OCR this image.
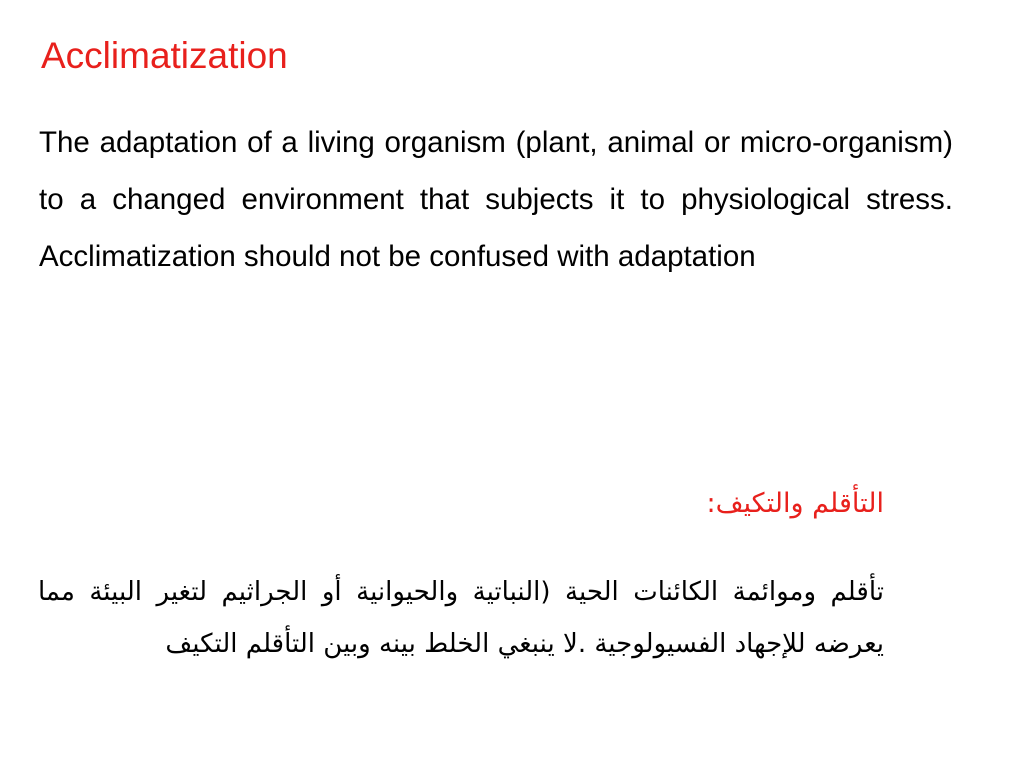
Acclimatization

The adaptation of a living organism (plant, animal or micro-organism) to a changed environment that subjects it to physiological stress. Acclimatization should not be confused with adaptation

التأقلم والتكيف:

تأقلم وموائمة الكائنات الحية (النباتية والحيوانية أو الجراثيم لتغير البيئة مما يعرضه للإجهاد الفسيولوجية .لا ينبغي الخلط بينه وبين التأقلم التكيف
